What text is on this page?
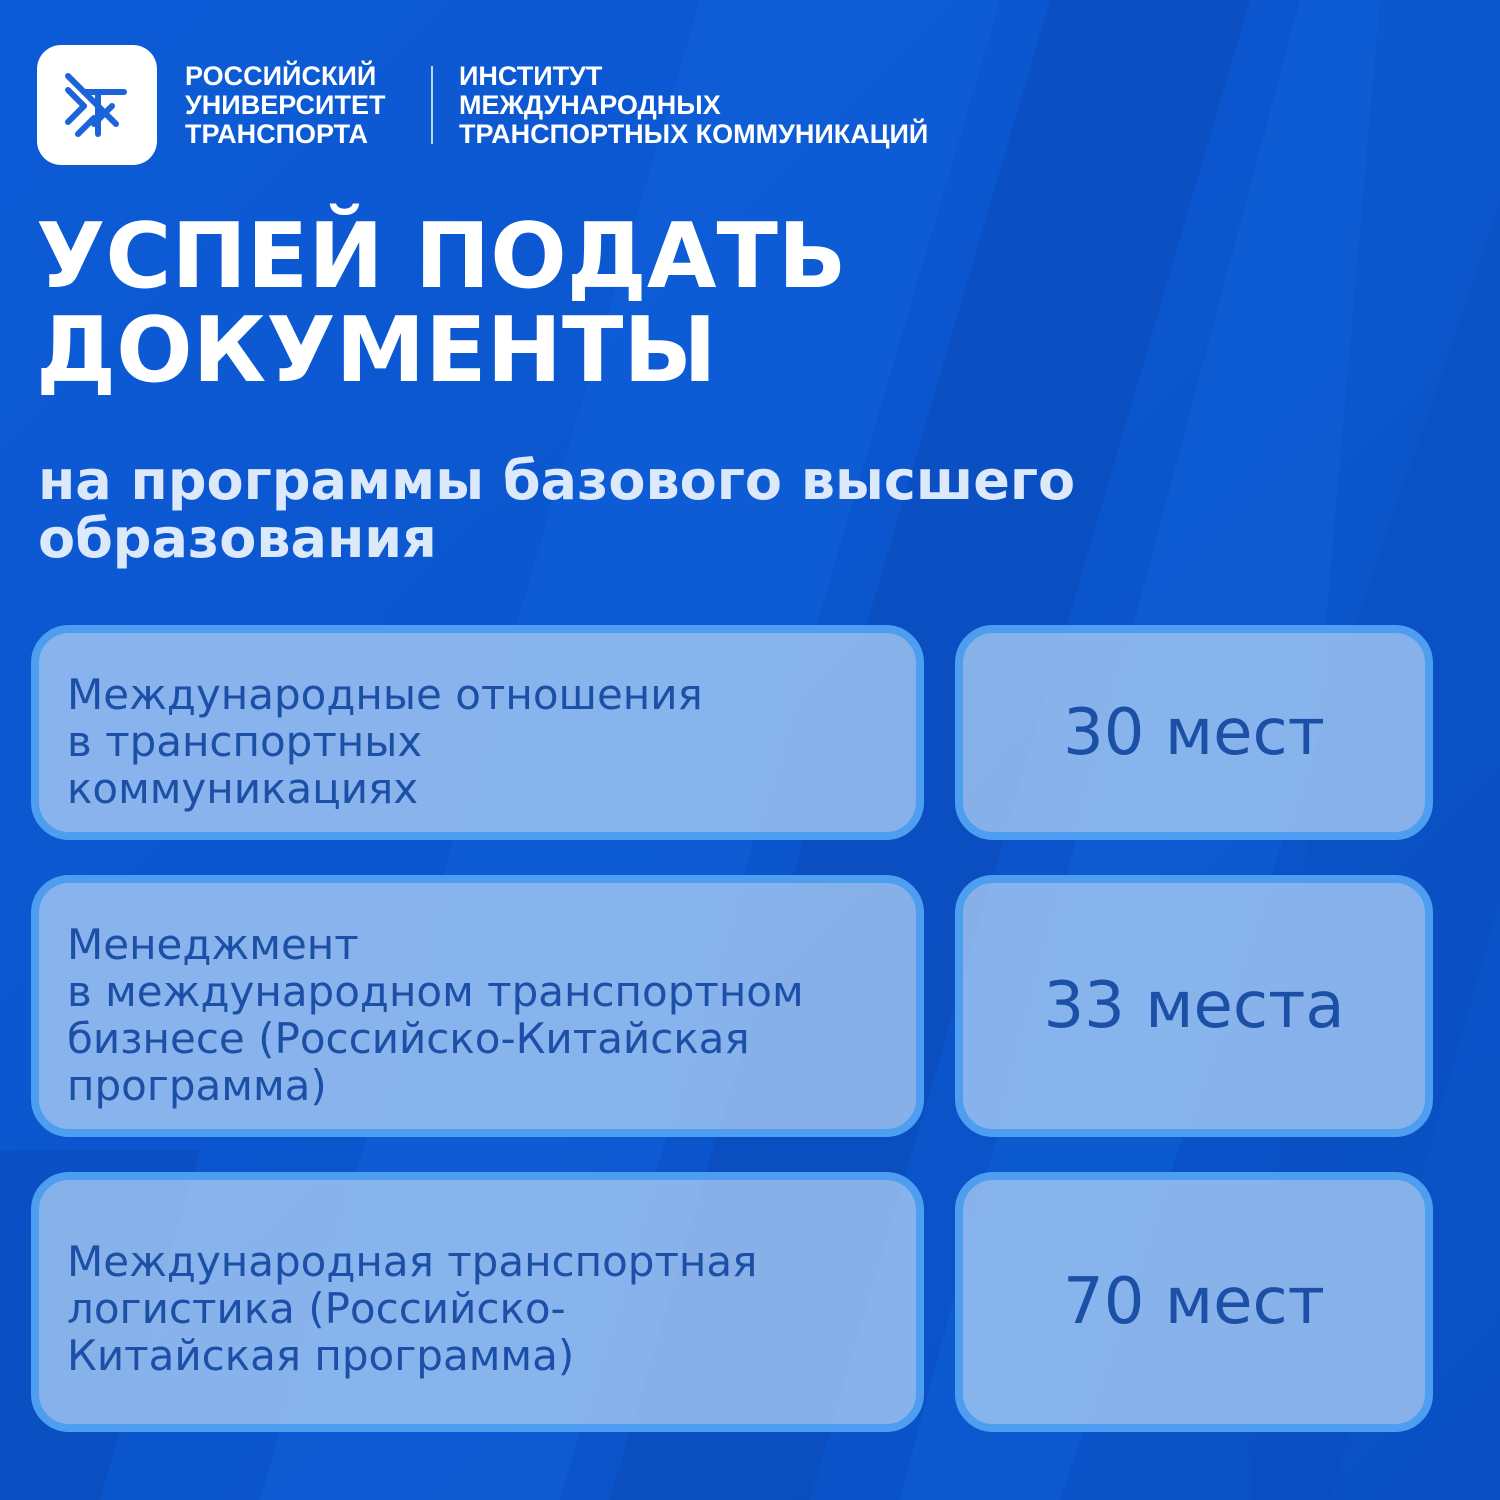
РОССИЙСКИЙ
УНИВЕРСИТЕТ
ТРАНСПОРТА
ИНСТИТУТ
МЕЖДУНАРОДНЫХ
ТРАНСПОРТНЫХ КОММУНИКАЦИЙ
УСПЕЙ ПОДАТЬ
ДОКУМЕНТЫ
на программы базового высшего
образования
Международные отношения
в транспортных
коммуникациях
30 мест
Менеджмент
в международном транспортном
бизнесе (Российско-Китайская
программа)
33 места
Международная транспортная
логистика (Российско-
Китайская программа)
70 мест
